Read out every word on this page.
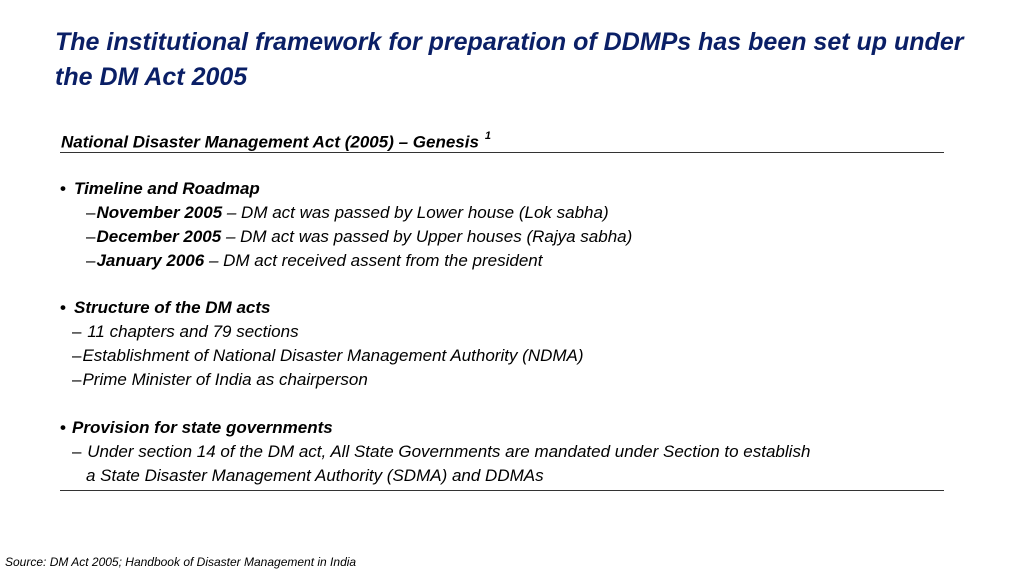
The institutional framework for preparation of DDMPs has been set up under the DM Act 2005
National Disaster Management Act (2005) – Genesis $^1$
• Timeline and Roadmap
–November 2005 – DM act was passed by Lower house (Lok sabha)
–December 2005 – DM act was passed by Upper houses (Rajya sabha)
–January 2006 – DM act received assent from the president
• Structure of the DM acts
– 11 chapters and 79 sections
–Establishment of National Disaster Management Authority (NDMA)
–Prime Minister of India as chairperson
• Provision for state governments
– Under section 14 of the DM act, All State Governments are mandated under Section to establish
a State Disaster Management Authority (SDMA) and DDMAs
Source: DM Act 2005; Handbook of Disaster Management in India
